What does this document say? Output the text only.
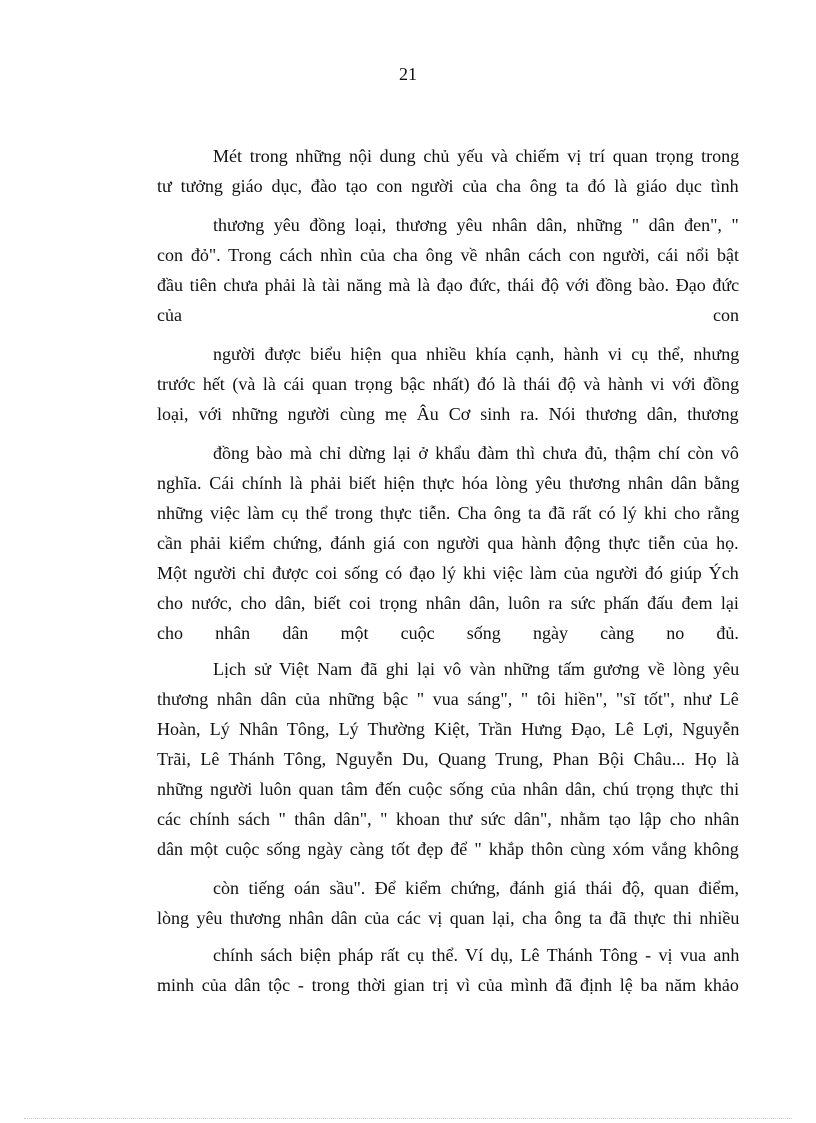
21
Mét trong những nội dung chủ yếu và chiếm vị trí quan trọng trong
tư tưởng giáo dục, đào tạo con người của cha ông ta đó là giáo dục tình
thương yêu đồng loại, thương yêu nhân dân, những " dân đen", "
con đỏ". Trong cách nhìn của cha ông về nhân cách con người, cái nổi bật
đầu tiên chưa phải là tài năng mà là đạo đức, thái độ với đồng bào. Đạo đức
của	con
người được biểu hiện qua nhiều khía cạnh, hành vi cụ thể, nhưng
trước hết (và là cái quan trọng bậc nhất) đó là thái độ và hành vi với đồng
loại, với những người cùng mẹ Âu Cơ sinh ra. Nói thương dân, thương
đồng bào mà chỉ dừng lại ở khẩu đàm thì chưa đủ, thậm chí còn vô
nghĩa. Cái chính là phải biết hiện thực hóa lòng yêu thương nhân dân bằng
những việc làm cụ thể trong thực tiễn. Cha ông ta đã rất có lý khi cho rằng
cần phải kiểm chứng, đánh giá con người qua hành động thực tiễn của họ.
Một người chỉ được coi sống có đạo lý khi việc làm của người đó giúp Ých
cho nước, cho dân, biết coi trọng nhân dân, luôn ra sức phấn đấu đem lại
cho nhân dân một cuộc sống ngày càng no đủ.
Lịch sử Việt Nam đã ghi lại vô vàn những tấm gương về lòng yêu
thương nhân dân của những bậc " vua sáng", " tôi hiền", "sĩ tốt", như Lê
Hoàn, Lý Nhân Tông, Lý Thường Kiệt, Trần Hưng Đạo, Lê Lợi, Nguyễn
Trãi, Lê Thánh Tông, Nguyễn Du, Quang Trung, Phan Bội Châu... Họ là
những người luôn quan tâm đến cuộc sống của nhân dân, chú trọng thực thi
các chính sách " thân dân", " khoan thư sức dân", nhằm tạo lập cho nhân
dân một cuộc sống ngày càng tốt đẹp để " khắp thôn cùng xóm vắng không
còn tiếng oán sầu". Để kiểm chứng, đánh giá thái độ, quan điểm,
lòng yêu thương nhân dân của các vị quan lại, cha ông ta đã thực thi nhiều
chính sách biện pháp rất cụ thể. Ví dụ, Lê Thánh Tông - vị vua anh
minh của dân tộc - trong thời gian trị vì của mình đã định lệ ba năm khảo
